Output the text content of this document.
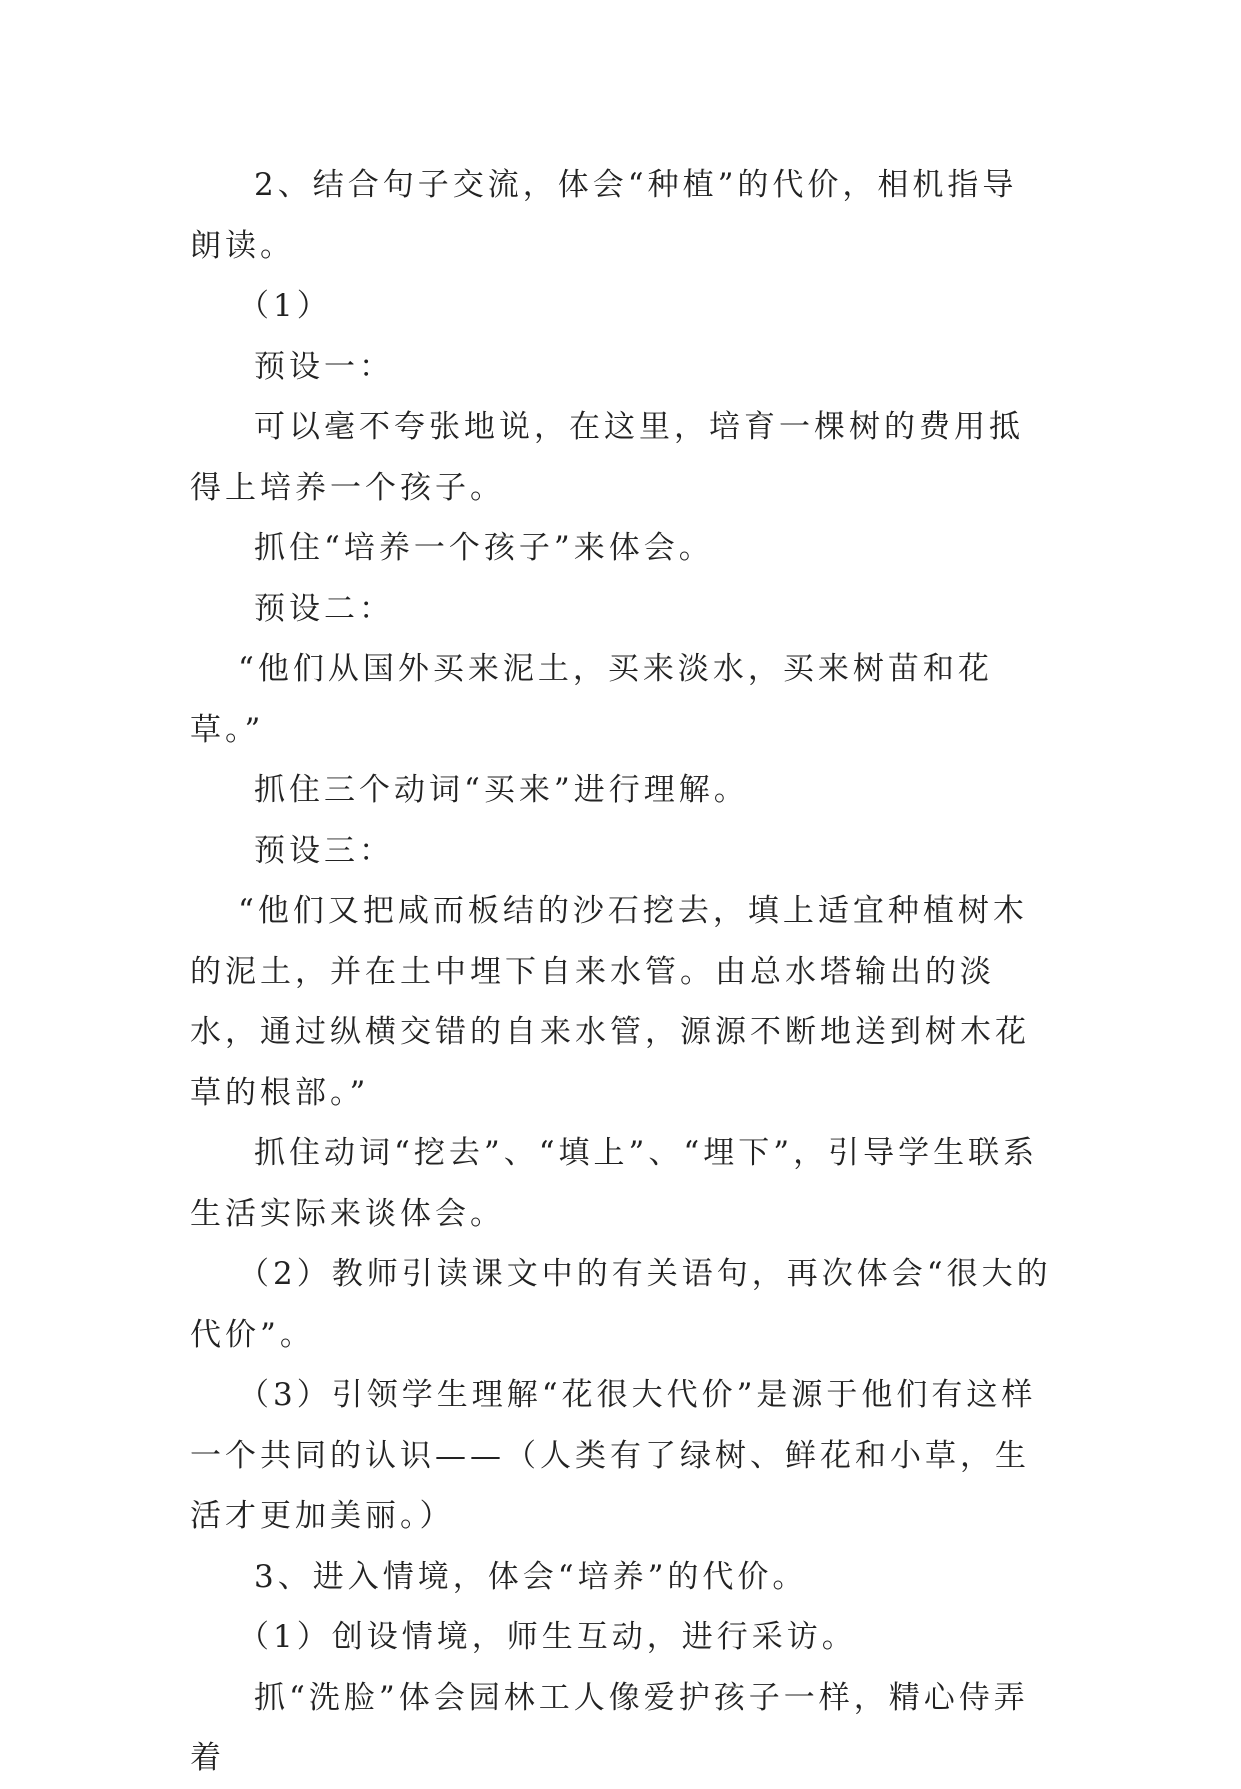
2、结合句子交流，体会“种植”的代价，相机指导朗读。

（1）

预设一：

可以毫不夸张地说，在这里，培育一棵树的费用抵得上培养一个孩子。

抓住“培养一个孩子”来体会。

预设二：

“他们从国外买来泥土，买来淡水，买来树苗和花草。”

抓住三个动词“买来”进行理解。

预设三：

“他们又把咸而板结的沙石挖去，填上适宜种植树木的泥土，并在土中埋下自来水管。由总水塔输出的淡水，通过纵横交错的自来水管，源源不断地送到树木花草的根部。”

抓住动词“挖去”、“填上”、“埋下”，引导学生联系生活实际来谈体会。

（2）教师引读课文中的有关语句，再次体会“很大的代价”。

（3）引领学生理解“花很大代价”是源于他们有这样一个共同的认识——（人类有了绿树、鲜花和小草，生活才更加美丽。）

3、进入情境，体会“培养”的代价。

（1）创设情境，师生互动，进行采访。

抓“洗脸”体会园林工人像爱护孩子一样，精心侍弄着
